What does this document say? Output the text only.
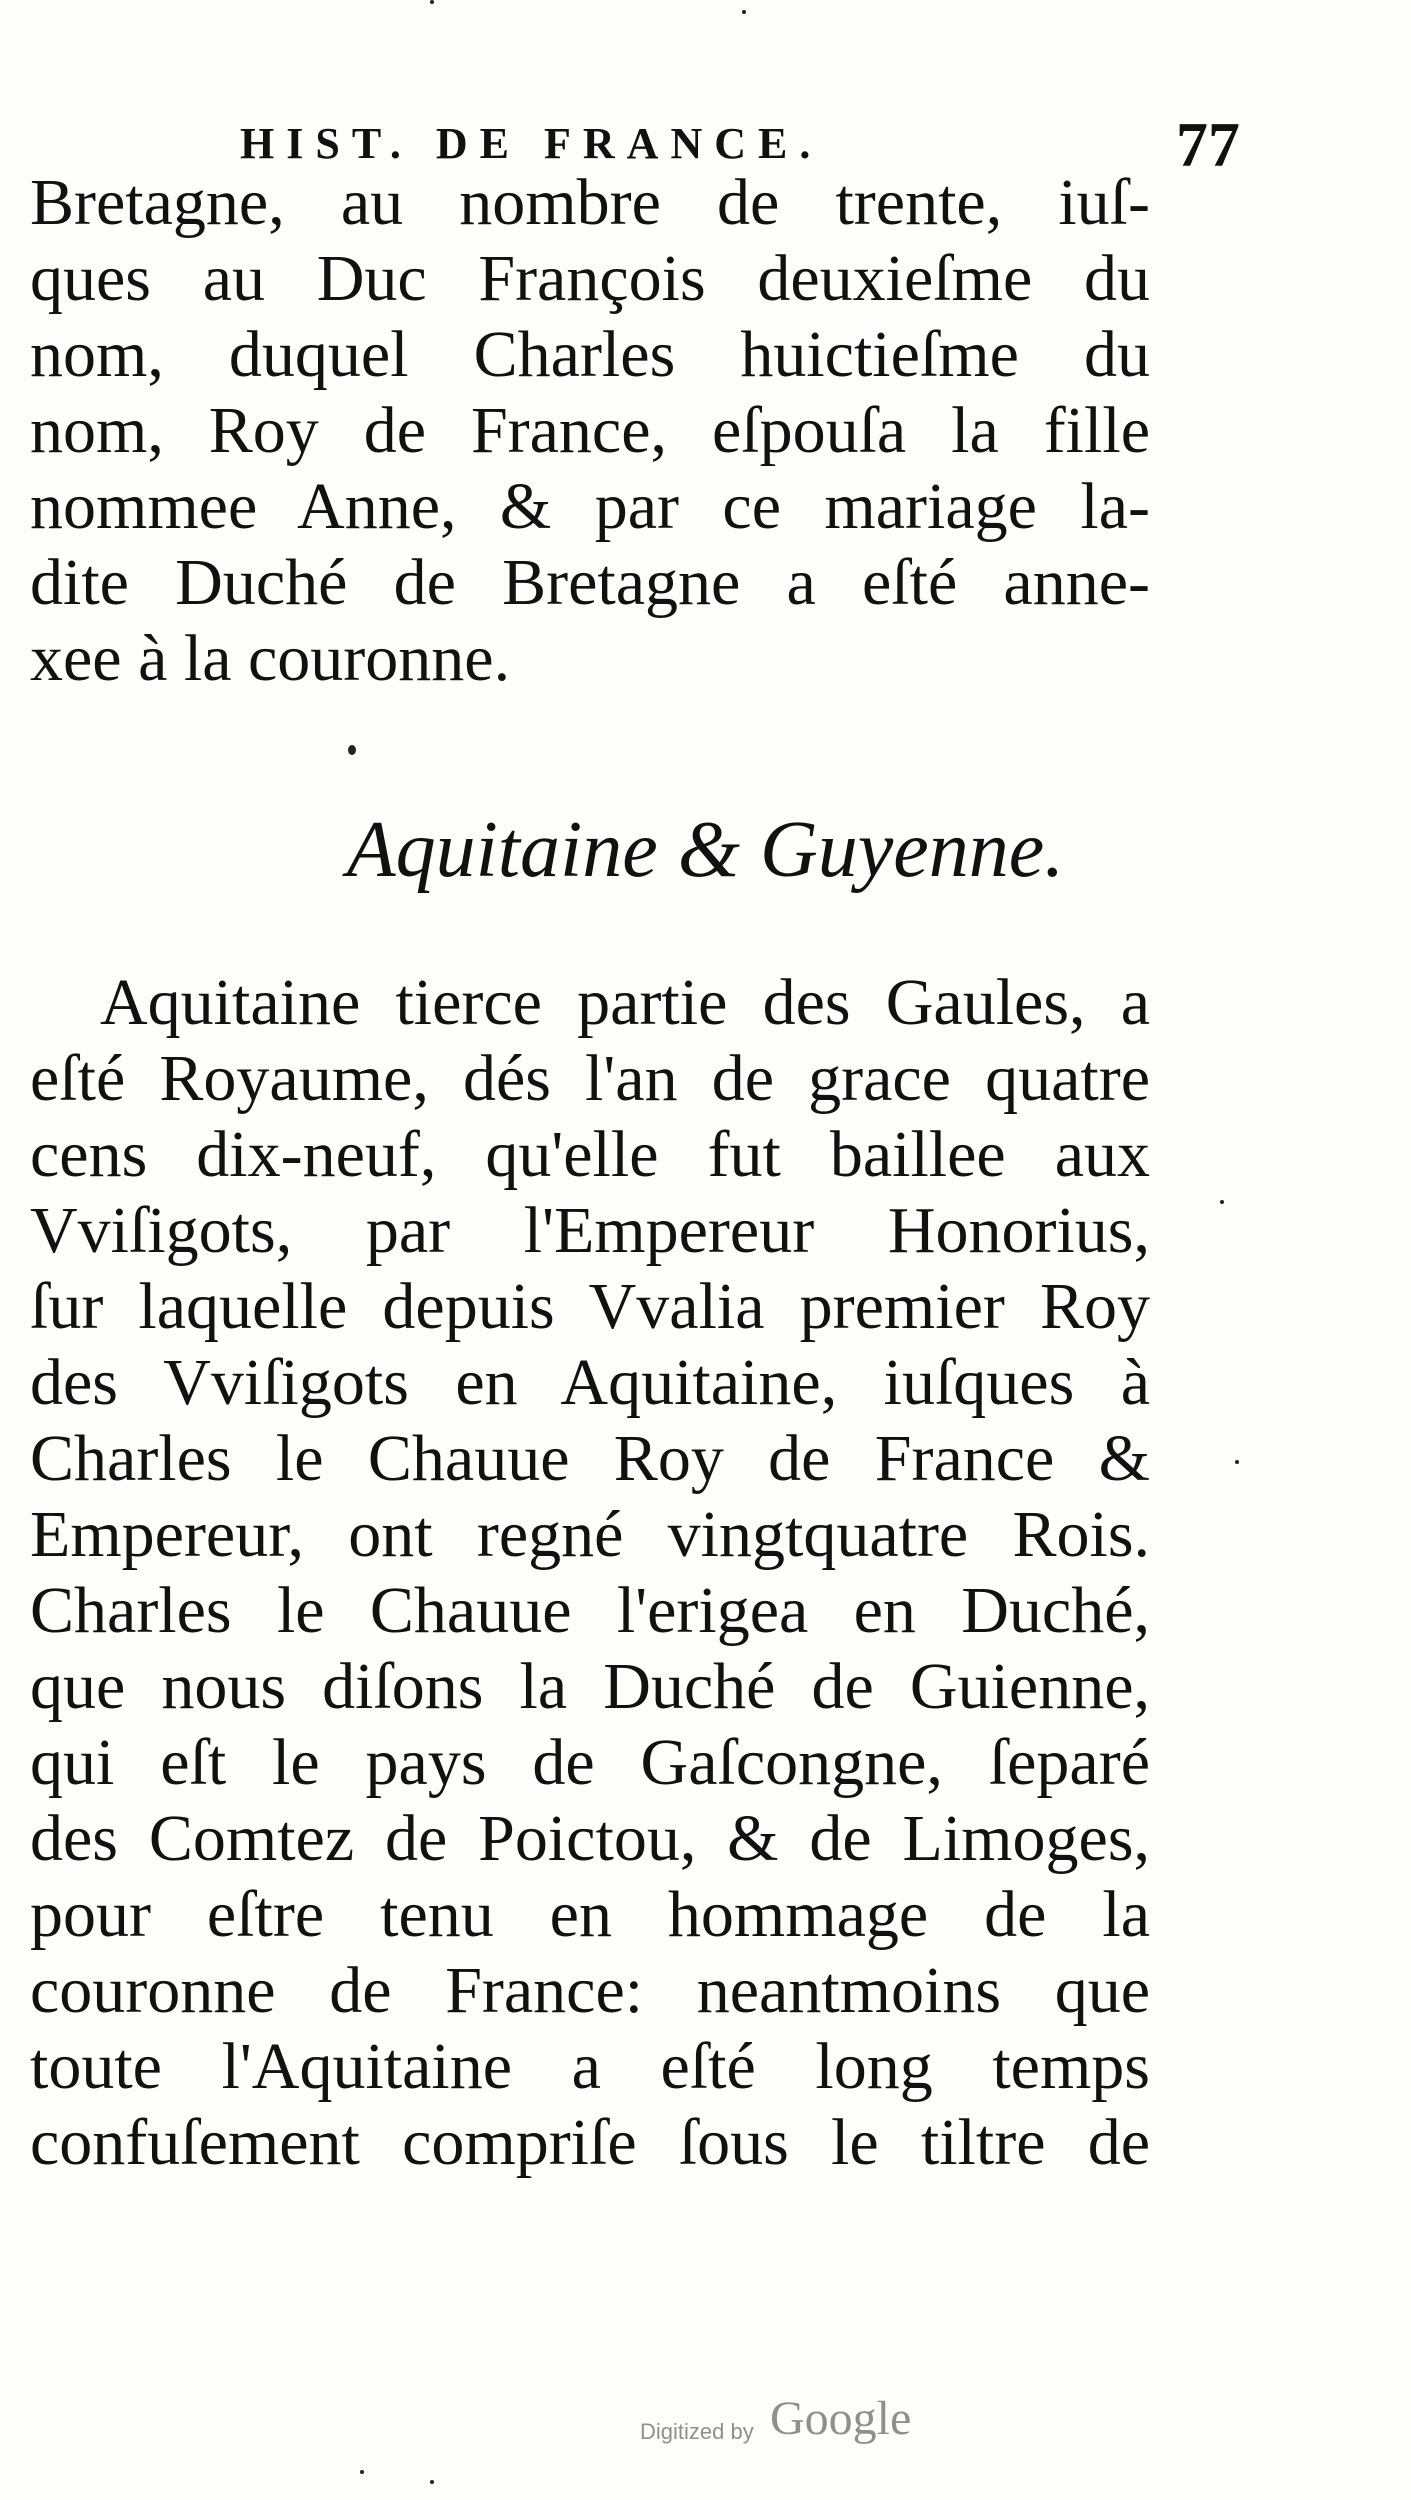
HIST. DE FRANCE.	77
Bretagne, au nombre de trente, iuſ-
ques au Duc François deuxieſme du
nom, duquel Charles huictieſme du
nom, Roy de France, eſpouſa la fille
nommee Anne, & par ce mariage la-
dite Duché de Bretagne a eſté anne-
xee à la couronne.
Aquitaine & Guyenne.
Aquitaine tierce partie des Gaules, a
eſté Royaume, dés l'an de grace quatre
cens dix-neuf, qu'elle fut baillee aux
Vviſigots, par l'Empereur Honorius,
ſur laquelle depuis Vvalia premier Roy
des Vviſigots en Aquitaine, iuſques à
Charles le Chauue Roy de France &
Empereur, ont regné vingtquatre Rois.
Charles le Chauue l'erigea en Duché,
que nous diſons la Duché de Guienne,
qui eſt le pays de Gaſcongne, ſeparé
des Comtez de Poictou, & de Limoges,
pour eſtre tenu en hommage de la
couronne de France: neantmoins que
toute l'Aquitaine a eſté long temps
confuſement compriſe ſous le tiltre de
Digitized by Google
